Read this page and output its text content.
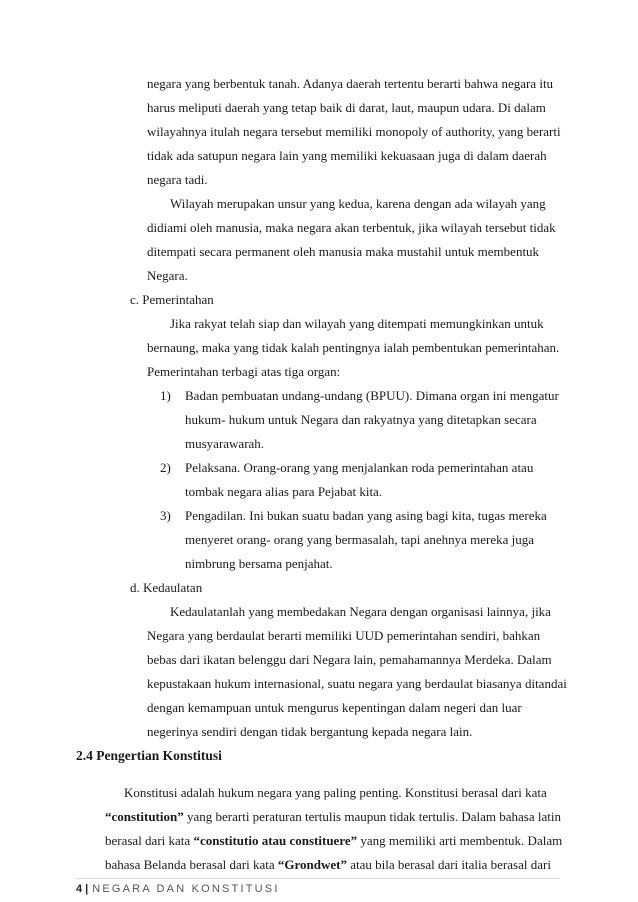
negara yang berbentuk tanah. Adanya daerah tertentu berarti bahwa negara itu
harus meliputi daerah yang tetap baik di darat, laut, maupun udara. Di dalam
wilayahnya itulah negara tersebut memiliki monopoly of authority, yang berarti
tidak ada satupun negara lain yang memiliki kekuasaan juga di dalam daerah
negara tadi.
Wilayah merupakan unsur yang kedua, karena dengan ada wilayah yang
didiami oleh manusia, maka negara akan terbentuk, jika wilayah tersebut tidak
ditempati secara permanent oleh manusia maka mustahil untuk membentuk
Negara.
c. Pemerintahan
Jika rakyat telah siap dan wilayah yang ditempati memungkinkan untuk
bernaung, maka yang tidak kalah pentingnya ialah pembentukan pemerintahan.
Pemerintahan terbagi atas tiga organ:
1) Badan pembuatan undang-undang (BPUU). Dimana organ ini mengatur
hukum- hukum untuk Negara dan rakyatnya yang ditetapkan secara
musyarawarah.
2) Pelaksana. Orang-orang yang menjalankan roda pemerintahan atau
tombak negara alias para Pejabat kita.
3) Pengadilan. Ini bukan suatu badan yang asing bagi kita, tugas mereka
menyeret orang- orang yang bermasalah, tapi anehnya mereka juga
nimbrung bersama penjahat.
d. Kedaulatan
Kedaulatanlah yang membedakan Negara dengan organisasi lainnya, jika
Negara yang berdaulat berarti memiliki UUD pemerintahan sendiri, bahkan
bebas dari ikatan belenggu dari Negara lain, pemahamannya Merdeka. Dalam
kepustakaan hukum internasional, suatu negara yang berdaulat biasanya ditandai
dengan kemampuan untuk mengurus kepentingan dalam negeri dan luar
negerinya sendiri dengan tidak bergantung kepada negara lain.
2.4 Pengertian Konstitusi
Konstitusi adalah hukum negara yang paling penting. Konstitusi berasal dari kata
“constitution” yang berarti peraturan tertulis maupun tidak tertulis. Dalam bahasa latin
4 | NEGARA DAN KONSTITUSI
berasal dari kata “constitutio atau constituere” yang memiliki arti membentuk. Dalam
bahasa Belanda berasal dari kata “Grondwet” atau bila berasal dari italia berasal dari
